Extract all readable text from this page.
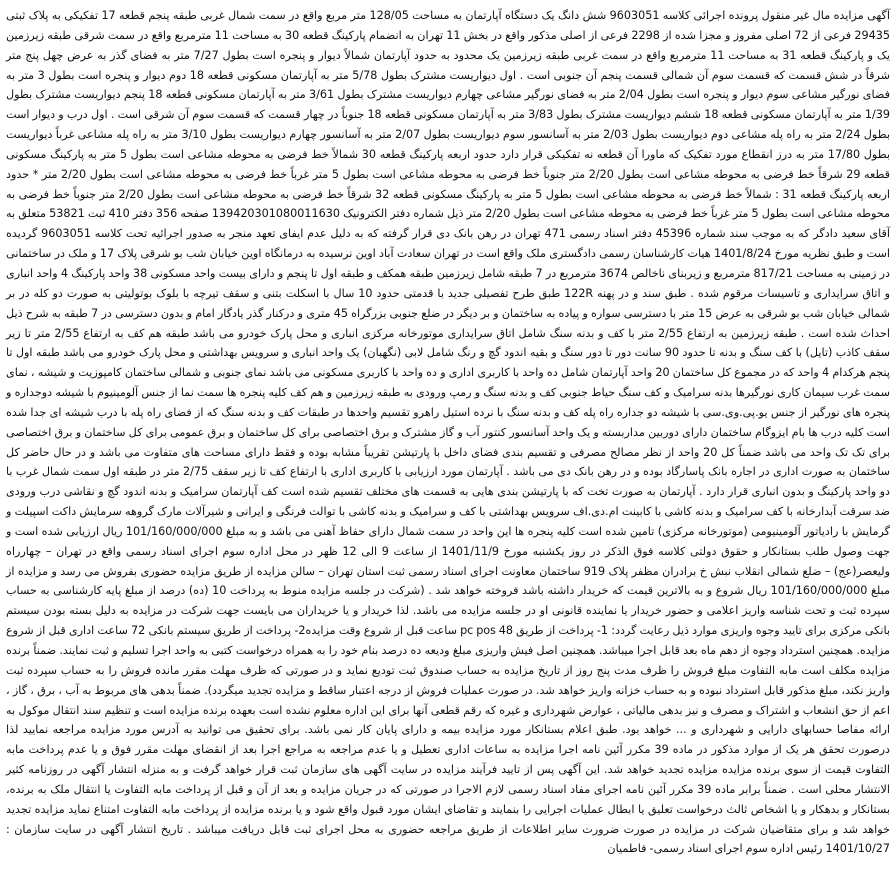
آگهی مزایده مال غیر منقول پرونده اجرائی کلاسه 9603051 شش دانگ یک دستگاه آپارتمان به مساحت 128/05 متر مربع واقع در سمت شمال غربی طبقه پنجم قطعه 17 تفکیکی به پلاک ثبتی 29435 فرعی از 72 اصلی مفروز و مجزا شده از 2298 فرعی از اصلی مذکور واقع در بخش 11 تهران به انضمام پارکینگ قطعه 30 به مساحت 11 مترمربع واقع در سمت شرقی طبقه زیرزمین یک و پارکینگ قطعه 31 به مساحت 11 مترمربع واقع در سمت غربی طبقه زیرزمین یک محدود به حدود آپارتمان شمالاً دیوار و پنجره است بطول 7/27 متر به فضای گذر به عرض چهل پنج متر شرقاً در شش قسمت که قسمت سوم آن شمالی قسمت پنجم آن جنوبی است . اول دیواریست مشترک بطول 5/78 متر به آپارتمان مسکونی قطعه 18 دوم دیوار و پنجره است بطول 3 متر به فضای نورگیر مشاعی سوم دیوار و پنجره است بطول 2/04 متر به فضای نورگیر مشاعی چهارم دیواریست مشترک بطول 3/61 متر به آپارتمان مسکونی قطعه 18 پنجم دیواریست مشترک بطول 1/39 متر به آپارتمان مسکونی قطعه 18 ششم دیواریست مشترک بطول 3/83 متر به آپارتمان مسکونی قطعه 18 جنوباً در چهار قسمت که قسمت سوم آن شرقی است . اول درب و دیوار است بطول 2/24 متر به راه پله مشاعی دوم دیواریست بطول 2/03 متر به آسانسور سوم دیواریست بطول 2/07 متر به آسانسور چهارم دیواریست بطول 3/10 متر به راه پله مشاعی غرباً دیواریست بطول 17/80 متر به درز انقطاع مورد تفکیک که ماورا آن قطعه نه تفکیکی قرار دارد حدود اربعه پارکینگ قطعه 30 شمالاً خط فرضی به محوطه مشاعی است بطول 5 متر به پارکینگ مسکونی قطعه 29 شرقاً خط فرضی به محوطه مشاعی است بطول 2/20 متر جنوباً خط فرضی به محوطه مشاعی است بطول 5 متر غرباً خط فرضی به محوطه مشاعی است بطول 2/20 متر * حدود اربعه پارکینگ قطعه 31 : شمالاً خط فرضی به محوطه مشاعی است بطول 5 متر به پارکینگ مسکونی قطعه 32 شرقاً خط فرضی به محوطه مشاعی است بطول 2/20 متر جنوباً خط فرضی به محوطه مشاعی است بطول 5 متر غرباً خط فرضی به محوطه مشاعی است بطول 2/20 متر ذیل شماره دفتر الکترونیک 139420301080011630 صفحه 356 دفتر 410 ثبت 53821 متعلق به آقای سعید دادگر که به موجب سند شماره 45396 دفتر اسناد رسمی 471 تهران در رهن بانک دی قرار گرفته که به دلیل عدم ایفای تعهد منجر به صدور اجرائیه تحت کلاسه 9603051 گردیده است و طبق نظریه مورخ 1401/8/24 هیات کارشناسان رسمی دادگستری ملک واقع است در تهران سعادت آباد اوین نرسیده به درمانگاه اوین خیابان شب بو شرقی پلاک 17 و ملک در ساختمانی در زمینی به مساحت 817/21 مترمربع و زیربنای ناخالص 3674 مترمربع در 7 طبقه شامل زیرزمین طبقه همکف و طبقه اول تا پنجم و دارای بیست واحد مسکونی 38 واحد پارکینگ 4 واحد انباری و اتاق سرایداری و تاسیسات مرقوم شده . طبق سند و در پهنه 122R طبق طرح تفصیلی جدید با قدمتی حدود 10 سال با اسکلت بتنی و سقف تیرچه با بلوک بوتولیتی به صورت دو کله در بر شمالی خیابان شب بو شرقی به عرض 15 متر با دسترسی سواره و پیاده به ساختمان و بر دیگر در ضلع جنوبی بزرگراه 45 متری و درکنار گذر یادگار امام و بدون دسترسی در 7 طبقه به شرح ذیل احداث شده است . طبقه زیرزمین به ارتفاع 2/55 متر با کف و بدنه سنگ شامل اتاق سرایداری موتورخانه مرکزی انباری و محل پارک خودرو می باشد طبقه هم کف به ارتفاع 2/55 متر تا زیر سقف کاذب (تایل) با کف سنگ و بدنه تا حدود 90 سانت دور تا دور سنگ و بقیه اندود گچ و رنگ شامل لابی (نگهبان) یک واحد انباری و سرویس بهداشتی و محل پارک خودرو می باشد طبقه اول تا پنجم هرکدام 4 واحد که در مجموع کل ساختمان 20 واحد آپارتمان شامل ده واحد با کاربری اداری و ده واحد با کاربری مسکونی می باشد نمای جنوبی و شمالی ساختمان کامپوزیت و شیشه ، نمای سمت غرب سیمان کاری نورگیرها بدنه سرامیک و کف سنگ حیاط جنوبی کف و بدنه سنگ و رمپ ورودی به طبقه زیرزمین و هم کف کلیه پنجره ها سمت نما از جنس آلومینیوم با شیشه دوجداره و پنجره های نورگیر از جنس یو.پی.وی.سی با شیشه دو جداره راه پله کف و بدنه سنگ با نرده استیل راهرو تقسیم واحدها در طبقات کف و بدنه سنگ که از فضای راه پله با درب شیشه ای جدا شده است کلیه درب ها بام ایزوگام ساختمان دارای دوربین مداربسته و یک واحد آسانسور کنتور آب و گاز مشترک و برق اختصاصی برای کل ساختمان و برق عمومی برای کل ساختمان و برق اختصاصی برای تک تک واحد می باشد ضمناً کل 20 واحد از نظر مصالح مصرفی و تقسیم بندی فضای داخل با پارتیشن تقریباً مشابه بوده و فقط دارای مساحت های متفاوت می باشد و در حال حاضر کل ساختمان به صورت اداری در اجاره بانک پاسارگاد بوده و در رهن بانک دی می باشد . آپارتمان مورد ارزیابی با کاربری اداری با ارتفاع کف تا زیر سقف 2/75 متر در طبقه اول سمت شمال غرب با دو واحد پارکینگ و بدون انباری قرار دارد . آپارتمان به صورت تخت که با پارتیشن بندی هایی به قسمت های مختلف تقسیم شده است کف آپارتمان سرامیک و بدنه اندود گچ و نقاشی درب ورودی ضد سرقت آبدارخانه با کف سرامیک و بدنه کاشی با کابینت ام.دی.اف سرویس بهداشتی با کف و سرامیک و بدنه کاشی با توالت فرنگی و ایرانی و شیرآلات مارک گروهه سرمایش داکت اسپیلت و گرمایش با رادیاتور آلومینیومی (موتورخانه مرکزی) تامین شده است کلیه پنجره ها این واحد در سمت شمال دارای حفاظ آهنی می باشد و به مبلغ 101/160/000/000 ریال ارزیابی شده است و جهت وصول طلب بستانکار و حقوق دولتی کلاسه فوق الذکر در روز یکشنبه مورخ 1401/11/9 از ساعت 9 الی 12 ظهر در محل اداره سوم اجرای اسناد رسمی واقع در تهران – چهارراه ولیعصر(عج) – ضلع شمالی انقلاب نبش خ برادران مظفر پلاک 919 ساختمان معاونت اجرای اسناد رسمی ثبت استان تهران – سالن مزایده از طریق مزایده حضوری بفروش می رسد و مزایده از مبلغ 101/160/000/000 ریال شروع و به بالاترین قیمت که خریدار داشته باشد فروخته خواهد شد . (شرکت در جلسه مزایده منوط به پرداخت 10 (ده) درصد از مبلغ پایه کارشناسی به حساب سپرده ثبت و تحت شناسه واریز اعلامی و حضور خریدار یا نماینده قانونی او در جلسه مزایده می باشد. لذا خریدار و یا خریداران می بایست جهت شرکت در مزایده به دلیل بسته بودن سیستم بانکی مرکزی برای تایید وجوه واریزی موارد ذیل رعایت گردد: 1- پرداخت از طریق pc pos 48 ساعت قبل از شروع وقت مزایده2- پرداخت از طریق سیستم بانکی 72 ساعت اداری قبل از شروع مزایده. همچنین استرداد وجوه از دهم ماه بعد قابل اجرا میباشد. همچنین اصل فیش واریزی مبلغ ودیعه ده درصد بنام خود را به همراه درخواست کتبی به واحد اجرا تسلیم و ثبت نمایند. ضمناً برنده مزایده مکلف است مابه التفاوت مبلغ فروش را ظرف مدت پنج روز از تاریخ مزایده به حساب صندوق ثبت تودیع نماید و در صورتی که ظرف مهلت مقرر مانده فروش را به حساب سپرده ثبت واریز نکند، مبلغ مذکور قابل استرداد نبوده و به حساب خزانه واریز خواهد شد. در صورت عملیات فروش از درجه اعتبار ساقط و مزایده تجدید میگردد). ضمناً بدهی های مربوط به آب ، برق ، گاز ، اعم از حق انشعاب و اشتراک و مصرف و نیز بدهی مالیاتی ، عوارض شهرداری و غیره که رقم قطعی آنها برای این اداره معلوم نشده است بعهده برنده مزایده است و تنظیم سند انتقال موکول به ارائه مفاصا حسابهای دارایی و شهرداری و ... خواهد بود. طبق اعلام بستانکار مورد مزایده بیمه و دارای پایان کار نمی باشد. برای تحقیق می توانید به آدرس مورد مزایده مراجعه نمایید لذا درصورت تحقق هر یک از موارد مذکور در ماده 39 مکرر آئین نامه اجرا مزایده به ساعات اداری تعطیل و یا عدم مراجعه به مراجع اجرا بعد از انقضای مهلت مقرر فوق و یا عدم پرداخت مابه التفاوت قیمت از سوی برنده مزایده مزایده تجدید خواهد شد. این آگهی پس از تایید فرآیند مزایده در سایت آگهی های سازمان ثبت قرار خواهد گرفت و به منزله انتشار آگهی در روزنامه کثیر الانتشار محلی است . ضمناً برابر ماده 39 مکرر آئین نامه اجرای مفاد اسناد رسمی لازم الاجرا در صورتی که در جریان مزایده و بعد از آن و قبل از پرداخت مابه التفاوت یا انتقال ملک به برنده، بستانکار و بدهکار و یا اشخاص ثالث درخواست تعلیق یا ابطال عملیات اجرایی را بنمایند و تقاضای ایشان مورد قبول واقع شود و یا برنده مزایده از پرداخت مابه التفاوت امتناع نماید مزایده تجدید خواهد شد و برای متقاضیان شرکت در مزایده در صورت ضرورت سایر اطلاعات از طریق مراجعه حضوری به محل اجرای ثبت قابل دریافت میباشد . تاریخ انتشار آگهی در سایت سازمان : 1401/10/27 رئیس اداره سوم اجرای اسناد رسمی- فاطمیان
